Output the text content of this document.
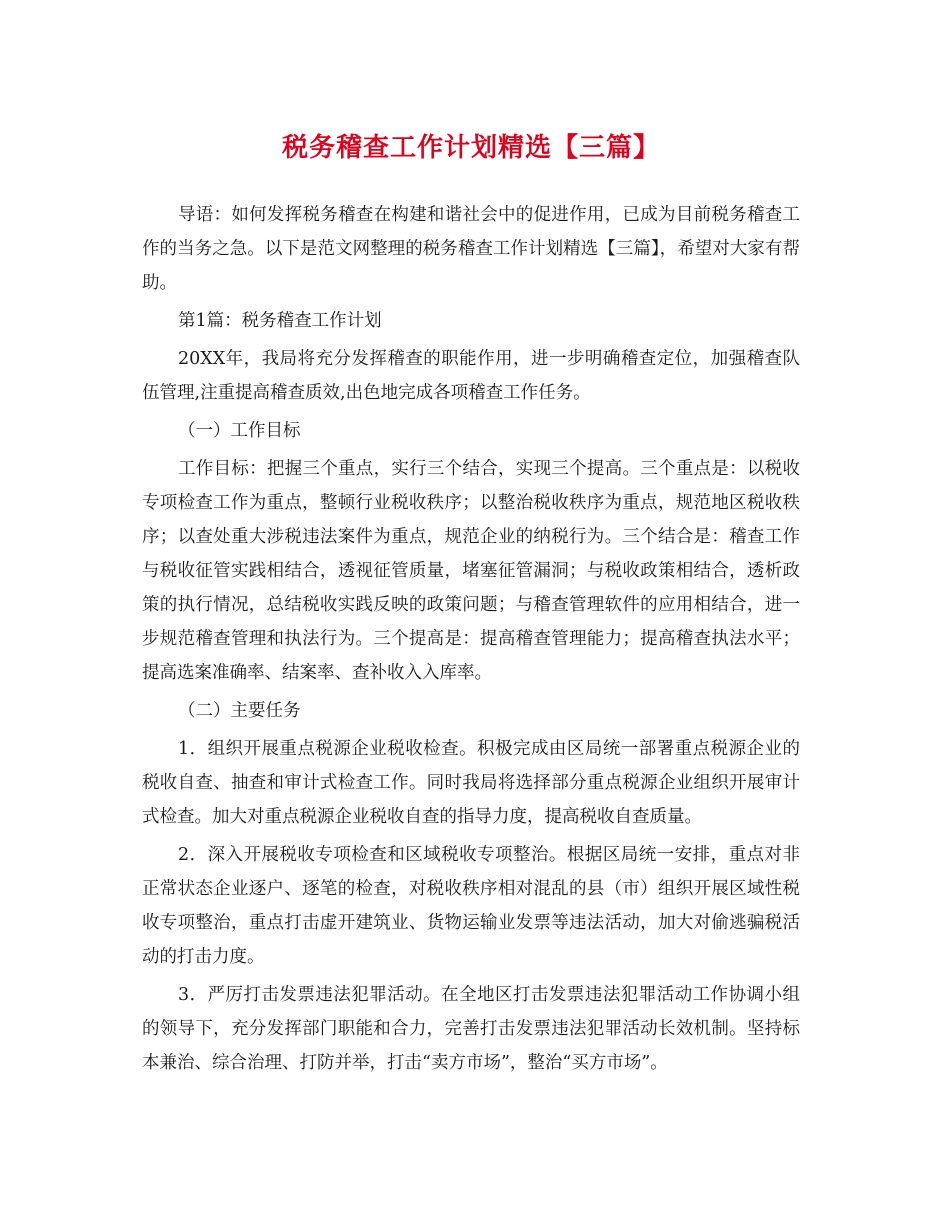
税务稽查工作计划精选【三篇】

导语：如何发挥税务稽查在构建和谐社会中的促进作用，已成为目前税务稽查工作的当务之急。以下是范文网整理的税务稽查工作计划精选【三篇】，希望对大家有帮助。

第1篇：税务稽查工作计划

20XX年，我局将充分发挥稽查的职能作用，进一步明确稽查定位，加强稽查队伍管理,注重提高稽查质效,出色地完成各项稽查工作任务。

（一）工作目标

工作目标：把握三个重点，实行三个结合，实现三个提高。三个重点是：以税收专项检查工作为重点，整顿行业税收秩序；以整治税收秩序为重点，规范地区税收秩序；以查处重大涉税违法案件为重点，规范企业的纳税行为。三个结合是：稽查工作与税收征管实践相结合，透视征管质量，堵塞征管漏洞；与税收政策相结合，透析政策的执行情况，总结税收实践反映的政策问题；与稽查管理软件的应用相结合，进一步规范稽查管理和执法行为。三个提高是：提高稽查管理能力；提高稽查执法水平；提高选案准确率、结案率、查补收入入库率。

（二）主要任务

1．组织开展重点税源企业税收检查。积极完成由区局统一部署重点税源企业的税收自查、抽查和审计式检查工作。同时我局将选择部分重点税源企业组织开展审计式检查。加大对重点税源企业税收自查的指导力度，提高税收自查质量。

2．深入开展税收专项检查和区域税收专项整治。根据区局统一安排，重点对非正常状态企业逐户、逐笔的检查，对税收秩序相对混乱的县（市）组织开展区域性税收专项整治，重点打击虚开建筑业、货物运输业发票等违法活动，加大对偷逃骗税活动的打击力度。

3．严厉打击发票违法犯罪活动。在全地区打击发票违法犯罪活动工作协调小组的领导下，充分发挥部门职能和合力，完善打击发票违法犯罪活动长效机制。坚持标本兼治、综合治理、打防并举，打击“卖方市场”，整治“买方市场”。
